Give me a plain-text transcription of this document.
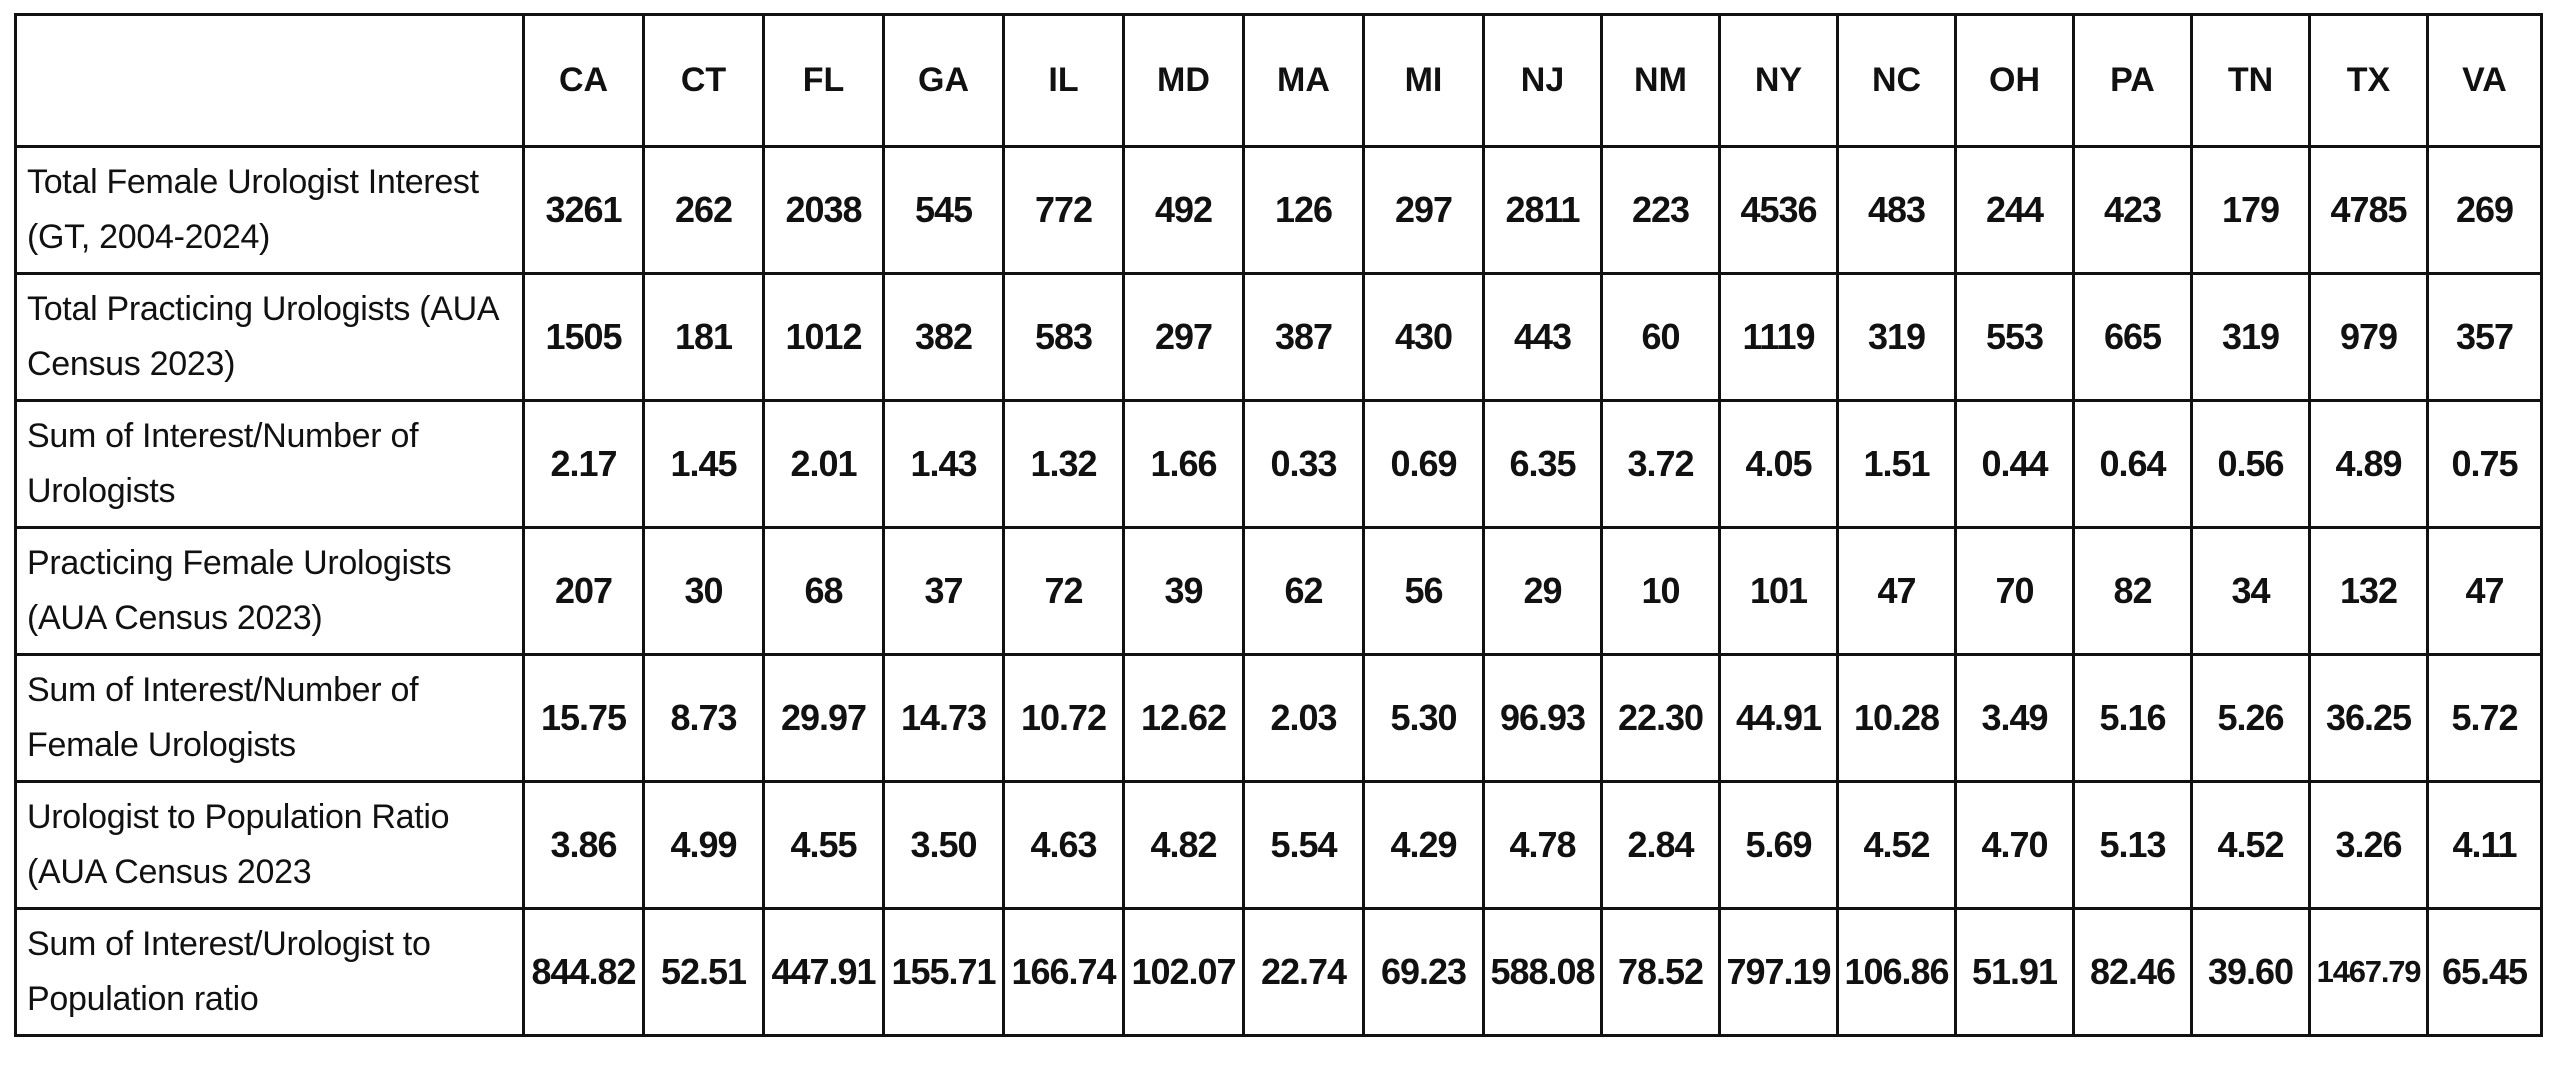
	CA	CT	FL	GA	IL	MD	MA	MI	NJ	NM	NY	NC	OH	PA	TN	TX	VA
Total Female Urologist Interest (GT, 2004-2024)	3261	262	2038	545	772	492	126	297	2811	223	4536	483	244	423	179	4785	269
Total Practicing Urologists (AUA Census 2023)	1505	181	1012	382	583	297	387	430	443	60	1119	319	553	665	319	979	357
Sum of Interest/Number of Urologists	2.17	1.45	2.01	1.43	1.32	1.66	0.33	0.69	6.35	3.72	4.05	1.51	0.44	0.64	0.56	4.89	0.75
Practicing Female Urologists (AUA Census 2023)	207	30	68	37	72	39	62	56	29	10	101	47	70	82	34	132	47
Sum of Interest/Number of Female Urologists	15.75	8.73	29.97	14.73	10.72	12.62	2.03	5.30	96.93	22.30	44.91	10.28	3.49	5.16	5.26	36.25	5.72
Urologist to Population Ratio (AUA Census 2023	3.86	4.99	4.55	3.50	4.63	4.82	5.54	4.29	4.78	2.84	5.69	4.52	4.70	5.13	4.52	3.26	4.11
Sum of Interest/Urologist to Population ratio	844.82	52.51	447.91	155.71	166.74	102.07	22.74	69.23	588.08	78.52	797.19	106.86	51.91	82.46	39.60	1467.79	65.45
